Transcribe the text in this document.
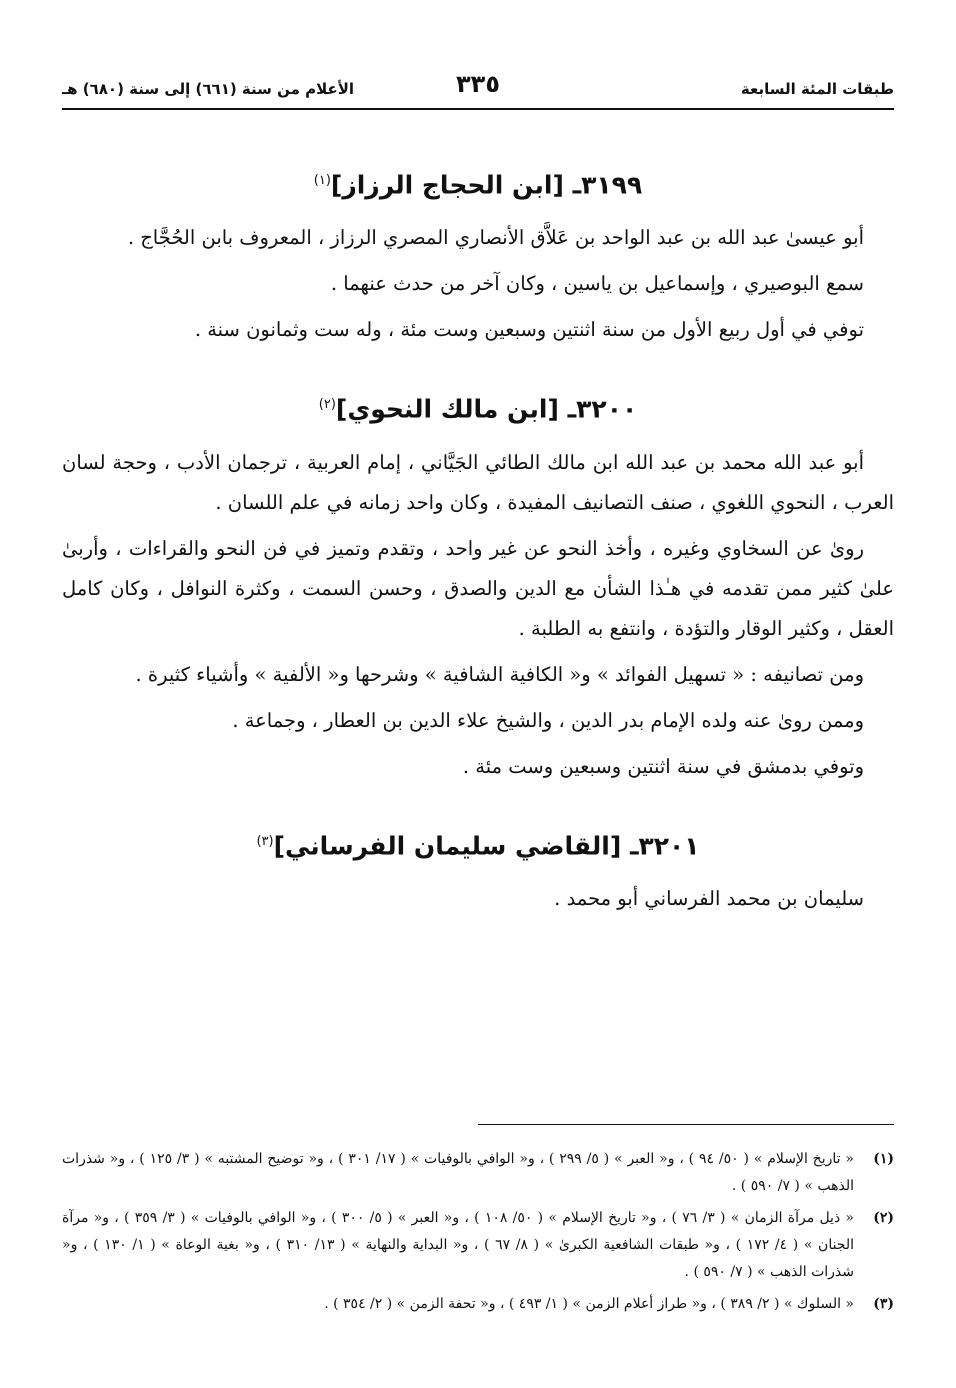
طبقات المئة السابعة
٣٣٥
الأعلام من سنة (٦٦١) إلى سنة (٦٨٠) هـ
٣١٩٩ـ [ابن الحجاج الرزاز]$^{(١)}$

أبو عيسىٰ عبد الله بن عبد الواحد بن عَلاَّق الأنصاري المصري الرزاز ، المعروف بابن الحُجَّاج .

سمع البوصيري ، وإسماعيل بن ياسين ، وكان آخر من حدث عنهما .

توفي في أول ربيع الأول من سنة اثنتين وسبعين وست مئة ، وله ست وثمانون سنة .

٣٢٠٠ـ [ابن مالك النحوي]$^{(٢)}$

أبو عبد الله محمد بن عبد الله ابن مالك الطائي الجَيَّاني ، إمام العربية ، ترجمان الأدب ، وحجة لسان العرب ، النحوي اللغوي ، صنف التصانيف المفيدة ، وكان واحد زمانه في علم اللسان .

رویٰ عن السخاوي وغيره ، وأخذ النحو عن غير واحد ، وتقدم وتميز في فن النحو والقراءات ، وأربىٰ علىٰ كثير ممن تقدمه في هـٰذا الشأن مع الدين والصدق ، وحسن السمت ، وكثرة النوافل ، وكان كامل العقل ، وكثير الوقار والتؤدة ، وانتفع به الطلبة .

ومن تصانيفه : « تسهيل الفوائد » و« الكافية الشافية » وشرحها و« الألفية » وأشياء كثيرة .

وممن رویٰ عنه ولده الإمام بدر الدين ، والشيخ علاء الدين بن العطار ، وجماعة .

وتوفي بدمشق في سنة اثنتين وسبعين وست مئة .

٣٢٠١ـ [القاضي سليمان الفرساني]$^{(٣)}$

سليمان بن محمد الفرساني أبو محمد .

(١)
« تاريخ الإسلام » ( ٥٠/ ٩٤ ) ، و« العبر » ( ٥/ ٢٩٩ ) ، و« الوافي بالوفيات » ( ١٧/ ٣٠١ ) ، و« توضيح المشتبه » ( ٣/ ١٢٥ ) ، و« شذرات الذهب » ( ٧/ ٥٩٠ ) .
(٢)
« ذيل مرآة الزمان » ( ٣/ ٧٦ ) ، و« تاريخ الإسلام » ( ٥٠/ ١٠٨ ) ، و« العبر » ( ٥/ ٣٠٠ ) ، و« الوافي بالوفيات » ( ٣/ ٣٥٩ ) ، و« مرآة الجنان » ( ٤/ ١٧٢ ) ، و« طبقات الشافعية الكبرىٰ » ( ٨/ ٦٧ ) ، و« البداية والنهاية » ( ١٣/ ٣١٠ ) ، و« بغية الوعاة » ( ١/ ١٣٠ ) ، و« شذرات الذهب » ( ٧/ ٥٩٠ ) .
(٣)
« السلوك » ( ٢/ ٣٨٩ ) ، و« طراز أعلام الزمن » ( ١/ ٤٩٣ ) ، و« تحفة الزمن » ( ٢/ ٣٥٤ ) .
